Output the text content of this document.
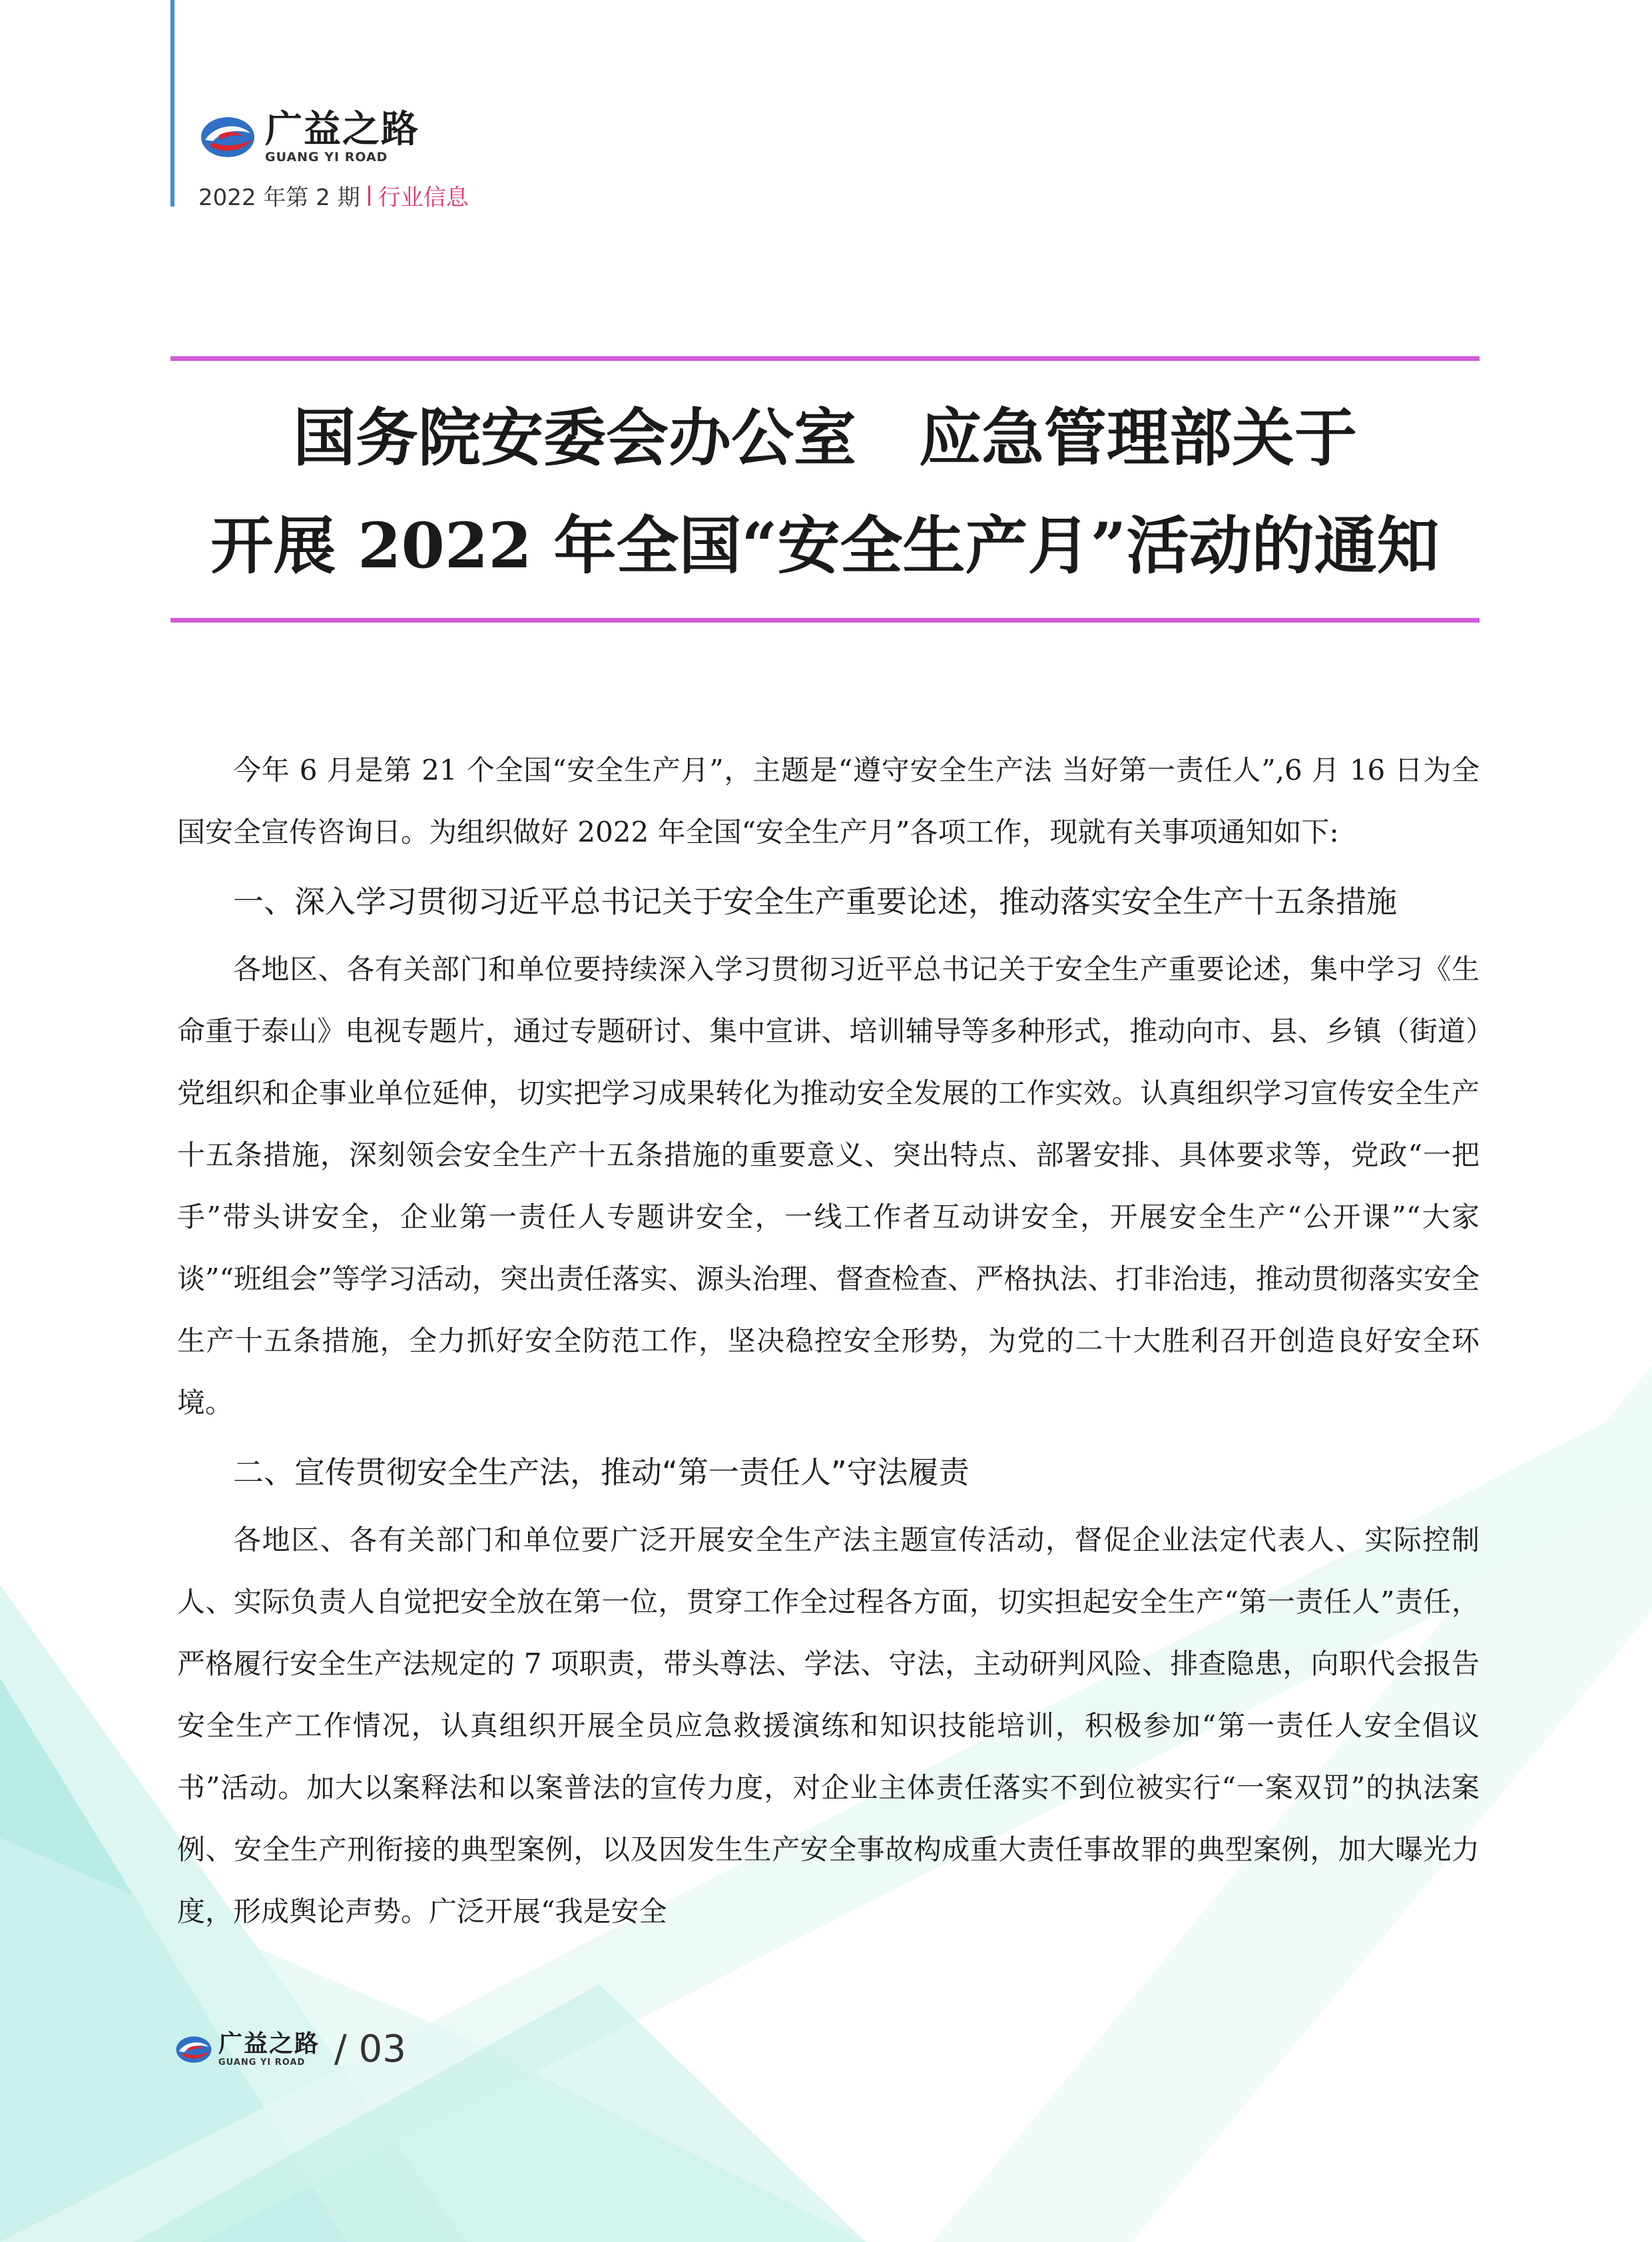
广益之路
GUANG YI ROAD
2022 年第 2 期 行业信息
国务院安委会办公室　应急管理部关于
开展 2022 年全国“安全生产月”活动的通知

今年 6 月是第 21 个全国“安全生产月”，主题是“遵守安全生产法 当好第一责任人”,6 月 16 日为全国安全宣传咨询日。为组织做好 2022 年全国“安全生产月”各项工作，现就有关事项通知如下:

一、深入学习贯彻习近平总书记关于安全生产重要论述，推动落实安全生产十五条措施

各地区、各有关部门和单位要持续深入学习贯彻习近平总书记关于安全生产重要论述，集中学习《生命重于泰山》电视专题片，通过专题研讨、集中宣讲、培训辅导等多种形式，推动向市、县、乡镇（街道）党组织和企事业单位延伸，切实把学习成果转化为推动安全发展的工作实效。认真组织学习宣传安全生产十五条措施，深刻领会安全生产十五条措施的重要意义、突出特点、部署安排、具体要求等，党政“一把手”带头讲安全，企业第一责任人专题讲安全，一线工作者互动讲安全，开展安全生产“公开课”“大家谈”“班组会”等学习活动，突出责任落实、源头治理、督查检查、严格执法、打非治违，推动贯彻落实安全生产十五条措施，全力抓好安全防范工作，坚决稳控安全形势，为党的二十大胜利召开创造良好安全环境。

二、宣传贯彻安全生产法，推动“第一责任人”守法履责

各地区、各有关部门和单位要广泛开展安全生产法主题宣传活动，督促企业法定代表人、实际控制人、实际负责人自觉把安全放在第一位，贯穿工作全过程各方面，切实担起安全生产“第一责任人”责任，严格履行安全生产法规定的 7 项职责，带头尊法、学法、守法，主动研判风险、排查隐患，向职代会报告安全生产工作情况，认真组织开展全员应急救援演练和知识技能培训，积极参加“第一责任人安全倡议书”活动。加大以案释法和以案普法的宣传力度，对企业主体责任落实不到位被实行“一案双罚”的执法案例、安全生产刑衔接的典型案例，以及因发生生产安全事故构成重大责任事故罪的典型案例，加大曝光力度，形成舆论声势。广泛开展“我是安全

广益之路
GUANG YI ROAD / 03
